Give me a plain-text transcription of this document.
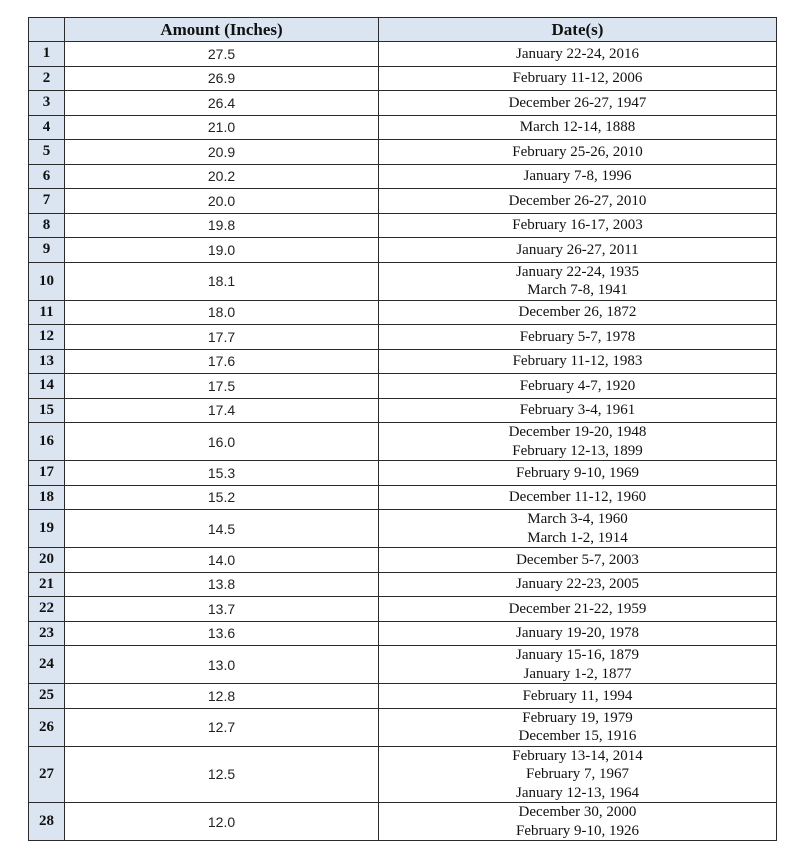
	Amount (Inches)	Date(s)
1	27.5	January 22-24, 2016

2	26.9	February 11-12, 2006

3	26.4	December 26-27, 1947

4	21.0	March 12-14, 1888

5	20.9	February 25-26, 2010

6	20.2	January 7-8, 1996

7	20.0	December 26-27, 2010

8	19.8	February 16-17, 2003

9	19.0	January 26-27, 2011

10	18.1	January 22-24, 1935
March 7-8, 1941

11	18.0	December 26, 1872

12	17.7	February 5-7, 1978

13	17.6	February 11-12, 1983

14	17.5	February 4-7, 1920

15	17.4	February 3-4, 1961

16	16.0	December 19-20, 1948
February 12-13, 1899

17	15.3	February 9-10, 1969

18	15.2	December 11-12, 1960

19	14.5	March 3-4, 1960
March 1-2, 1914

20	14.0	December 5-7, 2003

21	13.8	January 22-23, 2005

22	13.7	December 21-22, 1959

23	13.6	January 19-20, 1978

24	13.0	January 15-16, 1879
January 1-2, 1877

25	12.8	February 11, 1994

26	12.7	February 19, 1979
December 15, 1916

27	12.5	February 13-14, 2014
February 7, 1967
January 12-13, 1964

28	12.0	December 30, 2000
February 9-10, 1926
